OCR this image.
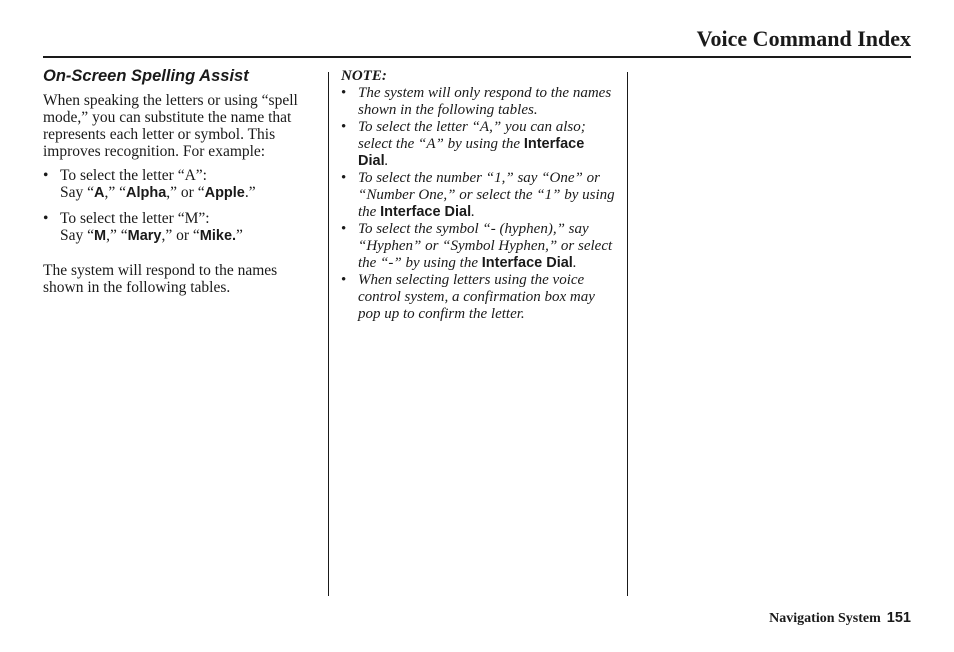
Voice Command Index
On-Screen Spelling Assist

When speaking the letters or using “spell mode,” you can substitute the name that represents each letter or symbol. This improves recognition. For example:

• To select the letter “A”:
Say “A,” “Alpha,” or “Apple.”
• To select the letter “M”:
Say “M,” “Mary,” or “Mike.”

The system will respond to the names shown in the following tables.

NOTE:

• The system will only respond to the names shown in the following tables.
• To select the letter “A,” you can also; select the “A” by using the Interface Dial.
• To select the number “1,” say “One” or “Number One,” or select the “1” by using the Interface Dial.
• To select the symbol “- (hyphen),” say “Hyphen” or “Symbol Hyphen,” or select the “-” by using the Interface Dial.
• When selecting letters using the voice control system, a confirmation box may pop up to confirm the letter.
Navigation System 151
